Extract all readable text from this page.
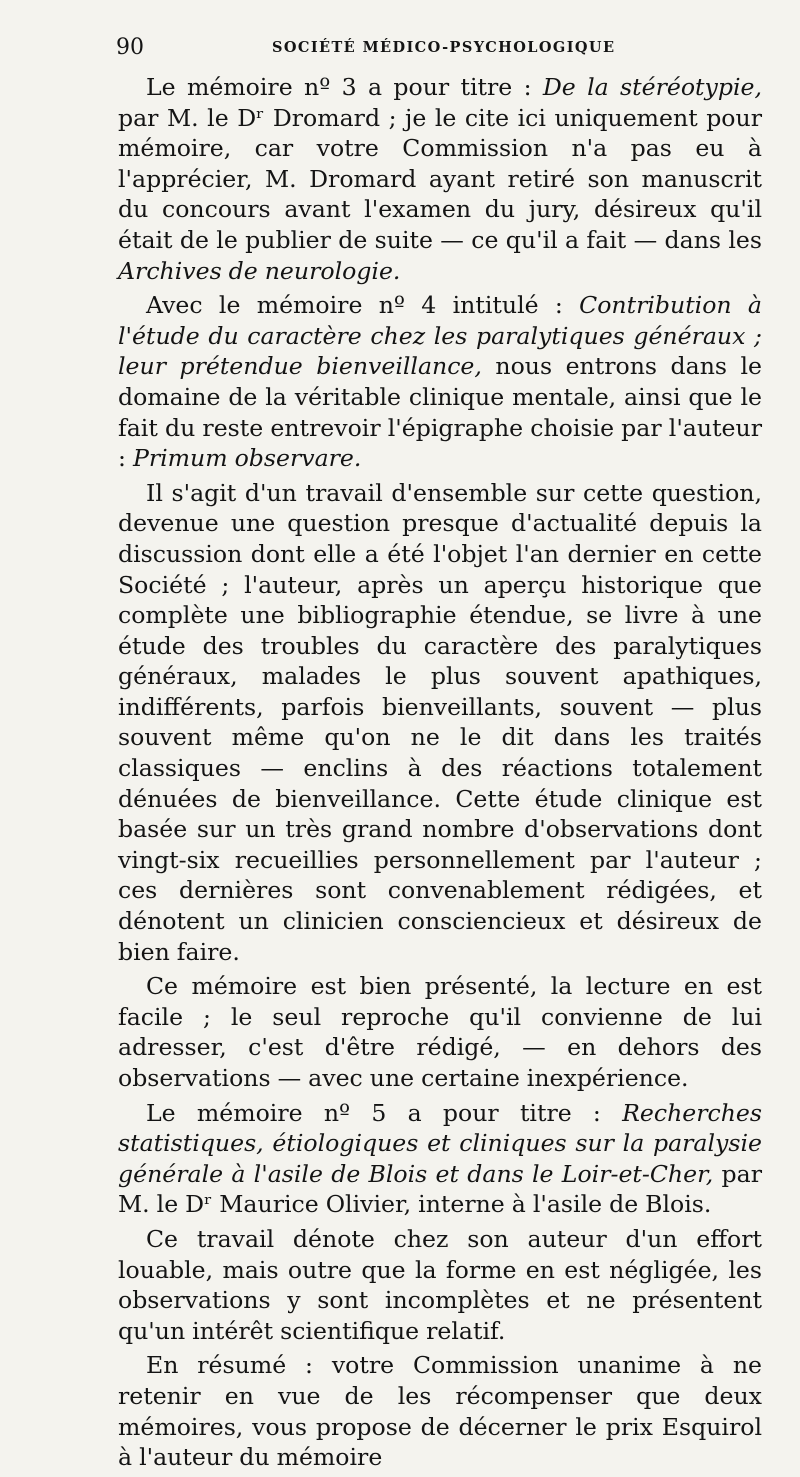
90	SOCIÉTÉ MÉDICO-PSYCHOLOGIQUE

Le mémoire nº 3 a pour titre : De la stéréotypie, par M. le Dʳ Dromard ; je le cite ici uniquement pour mémoire, car votre Commission n'a pas eu à l'apprécier, M. Dromard ayant retiré son manuscrit du concours avant l'examen du jury, désireux qu'il était de le publier de suite — ce qu'il a fait — dans les Archives de neurologie.

Avec le mémoire nº 4 intitulé : Contribution à l'étude du caractère chez les paralytiques généraux ; leur prétendue bienveillance, nous entrons dans le domaine de la véritable clinique mentale, ainsi que le fait du reste entrevoir l'épigraphe choisie par l'auteur : Primum observare.

Il s'agit d'un travail d'ensemble sur cette question, devenue une question presque d'actualité depuis la discussion dont elle a été l'objet l'an dernier en cette Société ; l'auteur, après un aperçu historique que complète une bibliographie étendue, se livre à une étude des troubles du caractère des paralytiques généraux, malades le plus souvent apathiques, indifférents, parfois bienveillants, souvent — plus souvent même qu'on ne le dit dans les traités classiques — enclins à des réactions totalement dénuées de bienveillance. Cette étude clinique est basée sur un très grand nombre d'observations dont vingt-six recueillies personnellement par l'auteur ; ces dernières sont convenablement rédigées, et dénotent un clinicien consciencieux et désireux de bien faire.

Ce mémoire est bien présenté, la lecture en est facile ; le seul reproche qu'il convienne de lui adresser, c'est d'être rédigé, — en dehors des observations — avec une certaine inexpérience.

Le mémoire nº 5 a pour titre : Recherches statistiques, étiologiques et cliniques sur la paralysie générale à l'asile de Blois et dans le Loir-et-Cher, par M. le Dʳ Maurice Olivier, interne à l'asile de Blois.

Ce travail dénote chez son auteur d'un effort louable, mais outre que la forme en est négligée, les observations y sont incomplètes et ne présentent qu'un intérêt scientifique relatif.

En résumé : votre Commission unanime à ne retenir en vue de les récompenser que deux mémoires, vous propose de décerner le prix Esquirol à l'auteur du mémoire
